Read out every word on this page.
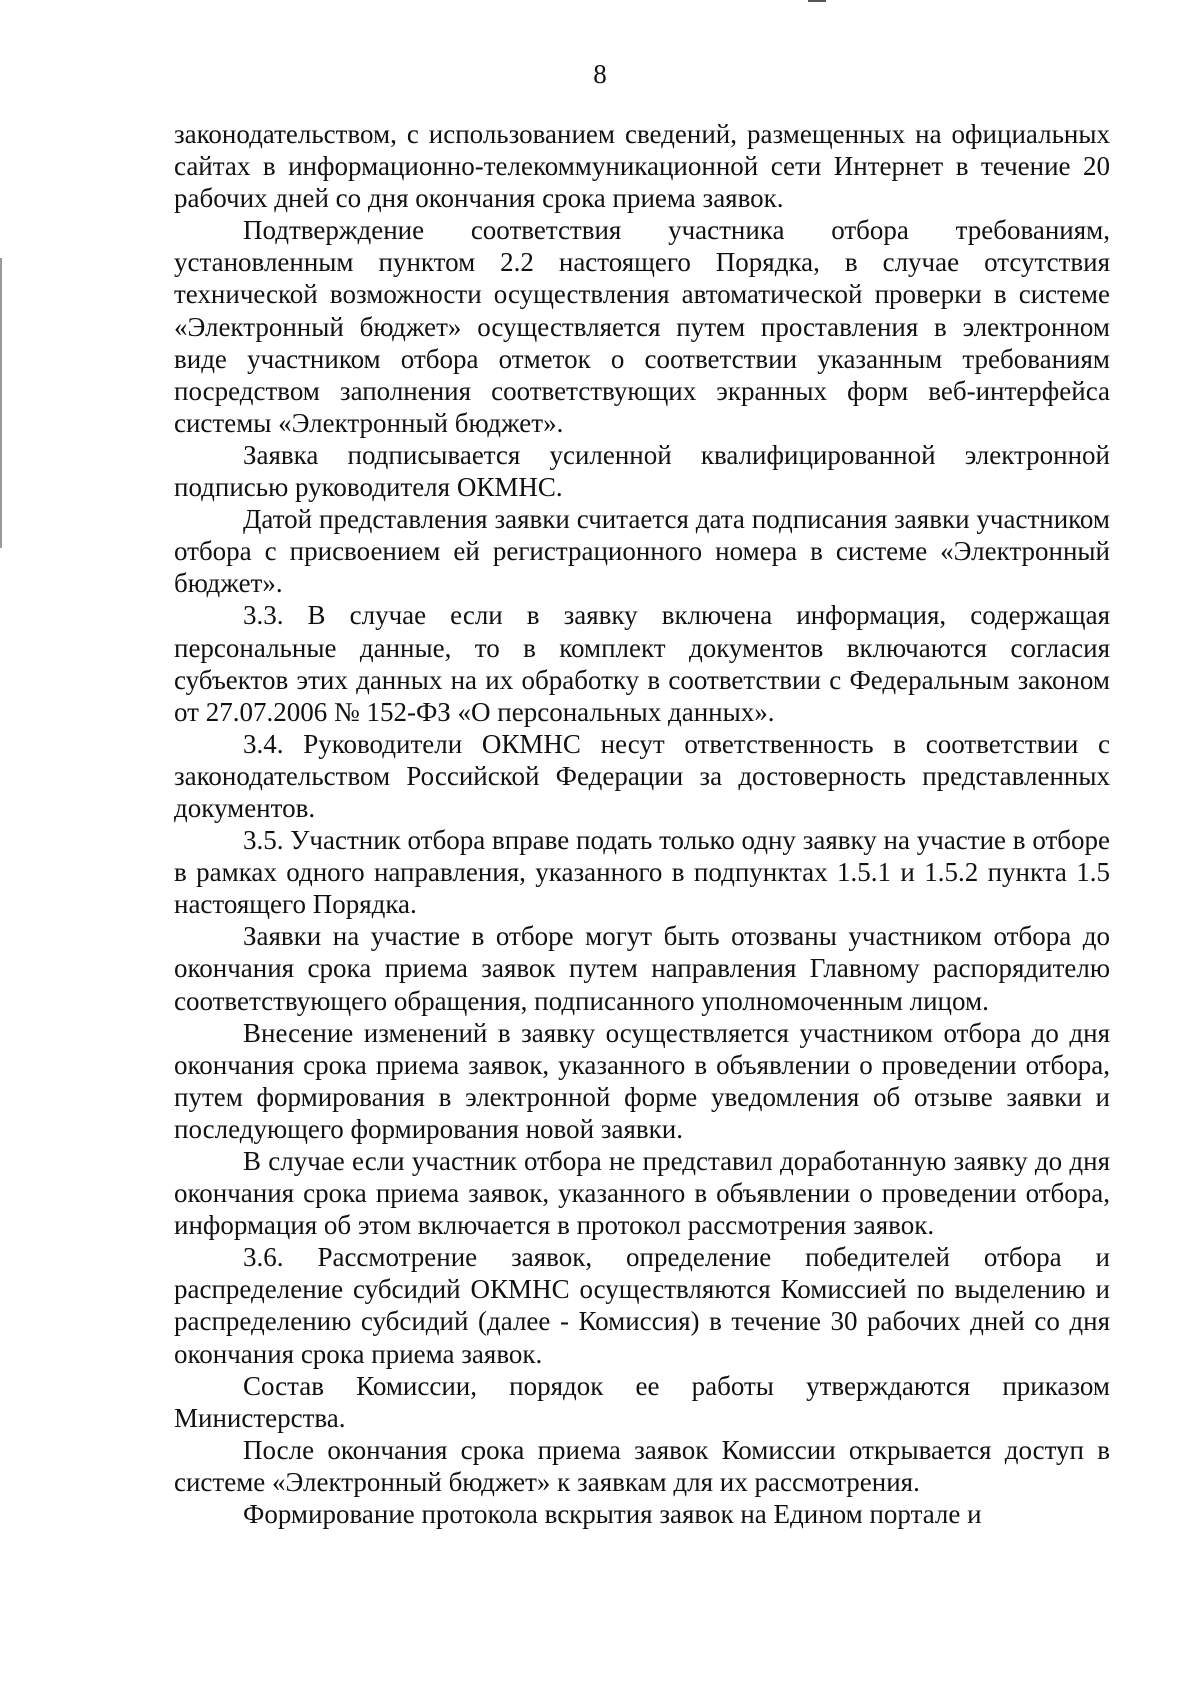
8

законодательством, с использованием сведений, размещенных на официальных сайтах в информационно-телекоммуникационной сети Интернет в течение 20 рабочих дней со дня окончания срока приема заявок.

Подтверждение соответствия участника отбора требованиям, установленным пунктом 2.2 настоящего Порядка, в случае отсутствия технической возможности осуществления автоматической проверки в системе «Электронный бюджет» осуществляется путем проставления в электронном виде участником отбора отметок о соответствии указанным требованиям посредством заполнения соответствующих экранных форм веб-интерфейса системы «Электронный бюджет».

Заявка подписывается усиленной квалифицированной электронной подписью руководителя ОКМНС.

Датой представления заявки считается дата подписания заявки участником отбора с присвоением ей регистрационного номера в системе «Электронный бюджет».

3.3. В случае если в заявку включена информация, содержащая персональные данные, то в комплект документов включаются согласия субъектов этих данных на их обработку в соответствии с Федеральным законом от 27.07.2006 № 152-ФЗ «О персональных данных».

3.4. Руководители ОКМНС несут ответственность в соответствии с законодательством Российской Федерации за достоверность представленных документов.

3.5. Участник отбора вправе подать только одну заявку на участие в отборе в рамках одного направления, указанного в подпунктах 1.5.1 и 1.5.2 пункта 1.5 настоящего Порядка.

Заявки на участие в отборе могут быть отозваны участником отбора до окончания срока приема заявок путем направления Главному распорядителю соответствующего обращения, подписанного уполномоченным лицом.

Внесение изменений в заявку осуществляется участником отбора до дня окончания срока приема заявок, указанного в объявлении о проведении отбора, путем формирования в электронной форме уведомления об отзыве заявки и последующего формирования новой заявки.

В случае если участник отбора не представил доработанную заявку до дня окончания срока приема заявок, указанного в объявлении о проведении отбора, информация об этом включается в протокол рассмотрения заявок.

3.6. Рассмотрение заявок, определение победителей отбора и распределение субсидий ОКМНС осуществляются Комиссией по выделению и распределению субсидий (далее - Комиссия) в течение 30 рабочих дней со дня окончания срока приема заявок.

Состав Комиссии, порядок ее работы утверждаются приказом Министерства.

После окончания срока приема заявок Комиссии открывается доступ в системе «Электронный бюджет» к заявкам для их рассмотрения.

Формирование протокола вскрытия заявок на Едином портале и
